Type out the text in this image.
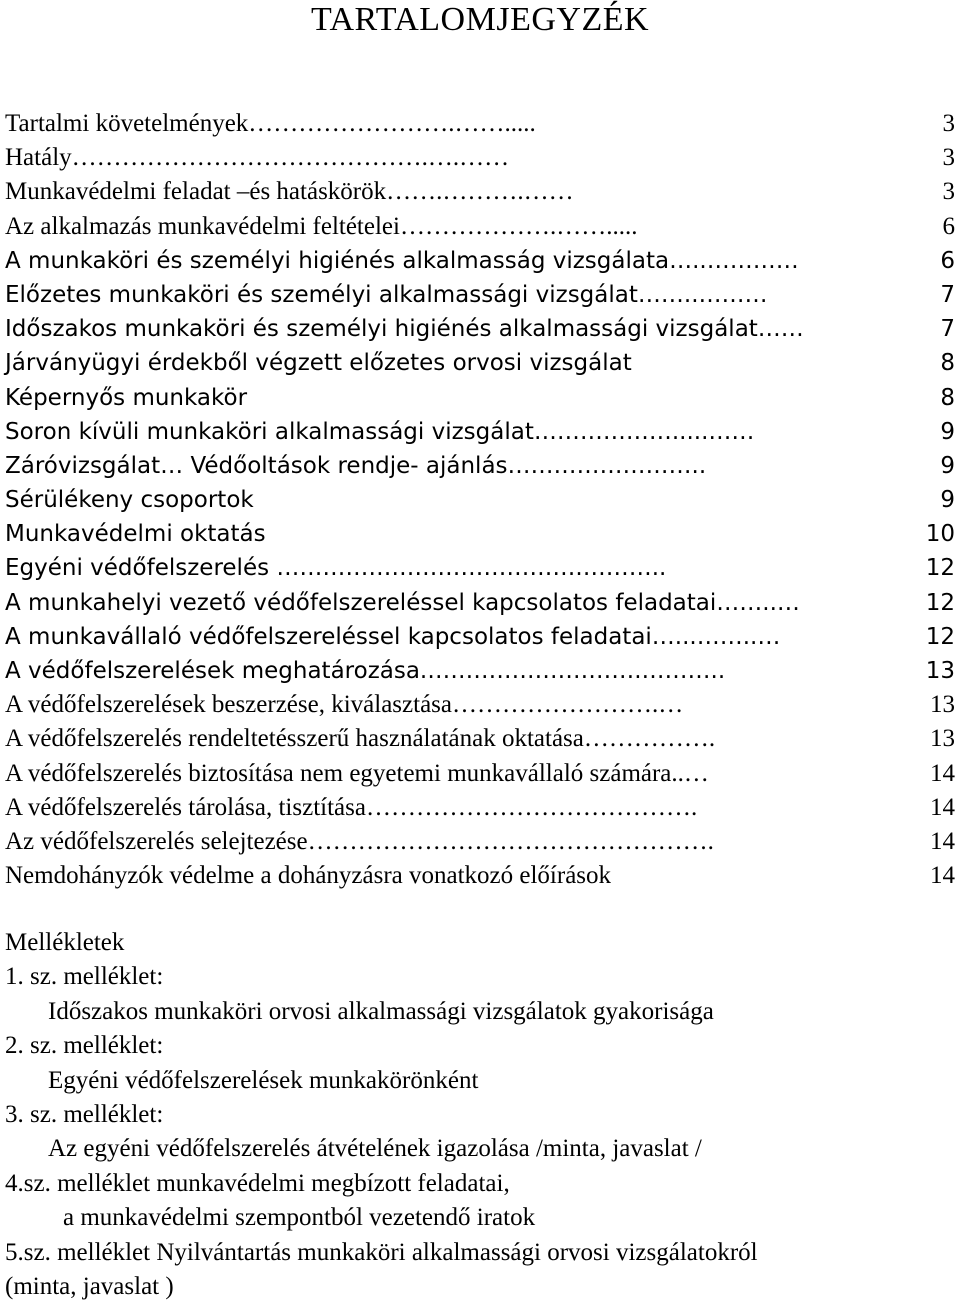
TARTALOMJEGYZÉK
Tartalmi követelmények…………………….…….....	3
Hatály…………………………………….….……	3
Munkavédelmi feladat –és hatáskörök…….……….……	3
Az alkalmazás munkavédelmi feltételei……………….…….....	6
A munkaköri és személyi higiénés alkalmasság vizsgálata…..…………	6
Előzetes munkaköri és személyi alkalmassági vizsgálat……..………	7
Időszakos munkaköri és személyi higiénés alkalmassági vizsgálat……	7
Járványügyi érdekből végzett előzetes orvosi vizsgálat	8
Képernyős munkakör	8
Soron kívüli munkaköri alkalmassági vizsgálat……………….....……	9
Záróvizsgálat… Védőoltások rendje- ajánlás……………………..	9
Sérülékeny csoportok	9
Munkavédelmi oktatás	10
Egyéni védőfelszerelés ………………………………….………..	12
A munkahelyi vezető védőfelszereléssel kapcsolatos feladatai……..…	12
A munkavállaló védőfelszereléssel kapcsolatos feladatai…...……..…	12
A védőfelszerelések meghatározása.……………………….………..	13
A védőfelszerelések beszerzése, kiválasztása…………………….…	13
A védőfelszerelés rendeltetésszerű használatának oktatása…………….	13
A védőfelszerelés biztosítása nem egyetemi munkavállaló számára..…	14
A védőfelszerelés tárolása, tisztítása………………………………….	14
Az védőfelszerelés selejtezése………………………………………….	14
Nemdohányzók védelme a dohányzásra vonatkozó előírások	14
Mellékletek
1. sz. melléklet:
Időszakos munkaköri orvosi alkalmassági vizsgálatok gyakorisága
2. sz. melléklet:
Egyéni védőfelszerelések munkakörönként
3. sz. melléklet:
Az egyéni védőfelszerelés átvételének igazolása /minta, javaslat /
4.sz. melléklet munkavédelmi megbízott feladatai,
a munkavédelmi szempontból vezetendő iratok
5.sz. melléklet Nyilvántartás munkaköri alkalmassági orvosi vizsgálatokról
(minta, javaslat )
